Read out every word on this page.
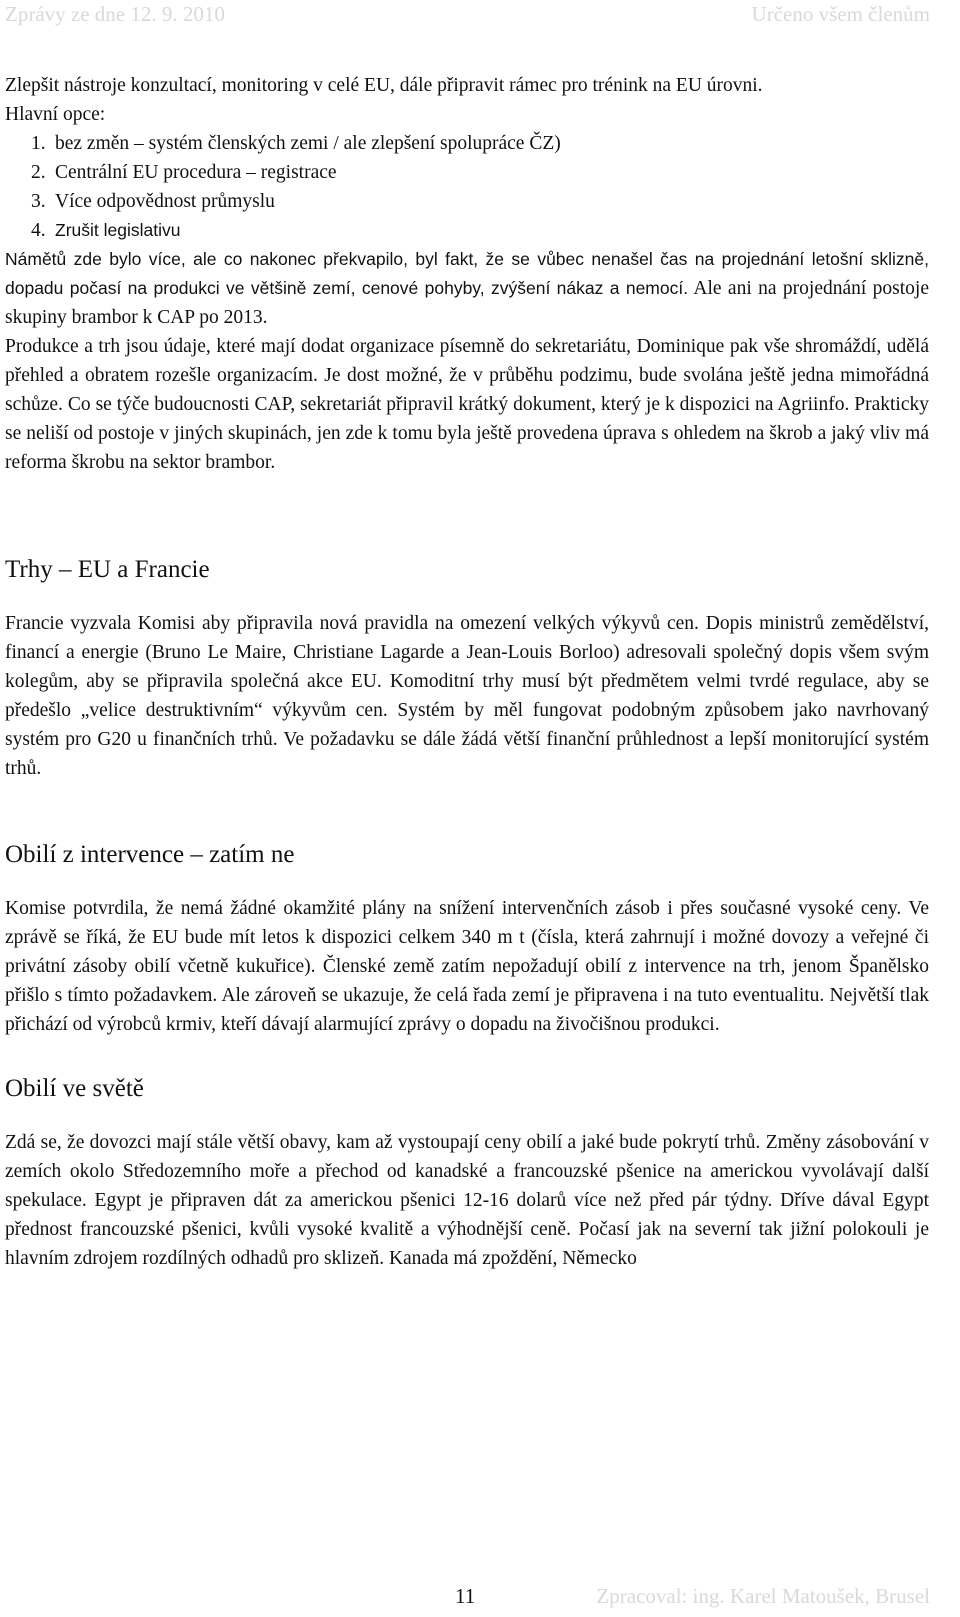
Zprávy ze dne 12. 9. 2010	Určeno všem členům

Zlepšit nástroje konzultací, monitoring v celé EU, dále připravit rámec pro trénink na EU úrovni.

Hlavní opce:

1. bez změn – systém členských zemi / ale zlepšení spolupráce ČZ)
2. Centrální EU procedura – registrace
3. Více odpovědnost průmyslu
4. Zrušit legislativu

Námětů zde bylo více, ale co nakonec překvapilo, byl fakt, že se vůbec nenašel čas na projednání letošní sklizně, dopadu počasí na produkci ve většině zemí, cenové pohyby, zvýšení nákaz a nemocí. Ale ani na projednání postoje skupiny brambor k CAP po 2013.

Produkce a trh jsou údaje, které mají dodat organizace písemně do sekretariátu, Dominique pak vše shromáždí, udělá přehled a obratem rozešle organizacím. Je dost možné, že v průběhu podzimu, bude svolána ještě jedna mimořádná schůze. Co se týče budoucnosti CAP, sekretariát připravil krátký dokument, který je k dispozici na Agriinfo. Prakticky se neliší od postoje v jiných skupinách, jen zde k tomu byla ještě provedena úprava s ohledem na škrob a jaký vliv má reforma škrobu na sektor brambor.

Trhy – EU a Francie

Francie vyzvala Komisi aby připravila nová pravidla na omezení velkých výkyvů cen. Dopis ministrů zemědělství, financí a energie (Bruno Le Maire, Christiane Lagarde a Jean-Louis Borloo) adresovali společný dopis všem svým kolegům, aby se připravila společná akce EU. Komoditní trhy musí být předmětem velmi tvrdé regulace, aby se předešlo „velice destruktivním“ výkyvům cen. Systém by měl fungovat podobným způsobem jako navrhovaný systém pro G20 u finančních trhů. Ve požadavku se dále žádá větší finanční průhlednost a lepší monitorující systém trhů.

Obilí z intervence – zatím ne

Komise potvrdila, že nemá žádné okamžité plány na snížení intervenčních zásob i přes současné vysoké ceny. Ve zprávě se říká, že EU bude mít letos k dispozici celkem 340 m t (čísla, která zahrnují i možné dovozy a veřejné či privátní zásoby obilí včetně kukuřice). Členské země zatím nepožadují obilí z intervence na trh, jenom Španělsko přišlo s tímto požadavkem. Ale zároveň se ukazuje, že celá řada zemí je připravena i na tuto eventualitu. Největší tlak přichází od výrobců krmiv, kteří dávají alarmující zprávy o dopadu na živočišnou produkci.

Obilí ve světě

Zdá se, že dovozci mají stále větší obavy, kam až vystoupají ceny obilí a jaké bude pokrytí trhů. Změny zásobování v zemích okolo Středozemního moře a přechod od kanadské a francouzské pšenice na americkou vyvolávají další spekulace. Egypt je připraven dát za americkou pšenici 12-16 dolarů více než před pár týdny. Dříve dával Egypt přednost francouzské pšenici, kvůli vysoké kvalitě a výhodnější ceně. Počasí jak na severní tak jižní polokouli je hlavním zdrojem rozdílných odhadů pro sklizeň. Kanada má zpoždění, Německo

11	Zpracoval: ing. Karel Matoušek, Brusel
